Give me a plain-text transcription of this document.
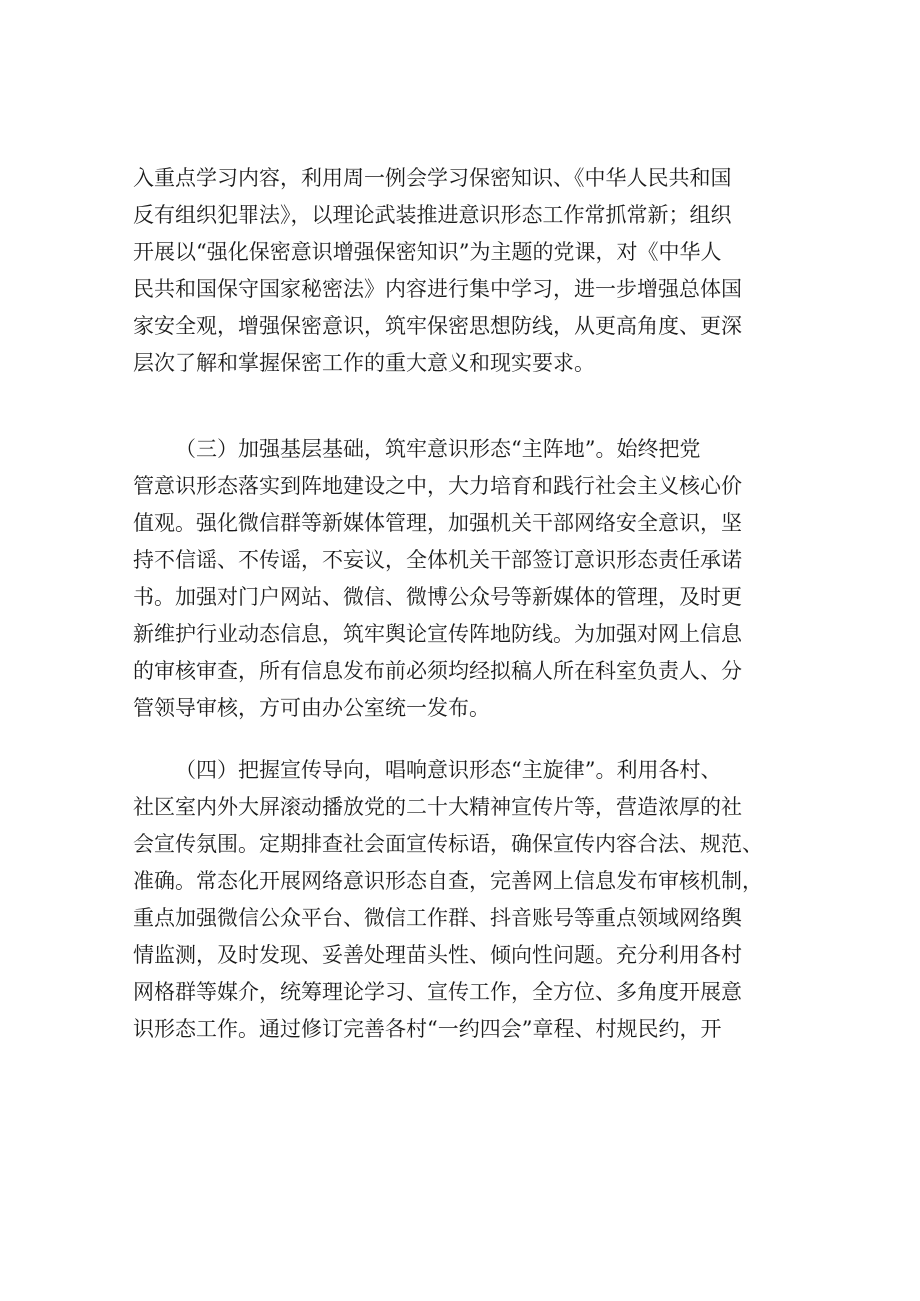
入重点学习内容，利用周一例会学习保密知识、《中华人民共和国
反有组织犯罪法》，以理论武装推进意识形态工作常抓常新；组织
开展以“强化保密意识增强保密知识”为主题的党课，对《中华人
民共和国保守国家秘密法》内容进行集中学习，进一步增强总体国
家安全观，增强保密意识，筑牢保密思想防线，从更高角度、更深
层次了解和掌握保密工作的重大意义和现实要求。
（三）加强基层基础，筑牢意识形态“主阵地”。始终把党
管意识形态落实到阵地建设之中，大力培育和践行社会主义核心价
值观。强化微信群等新媒体管理，加强机关干部网络安全意识，坚
持不信谣、不传谣，不妄议，全体机关干部签订意识形态责任承诺
书。加强对门户网站、微信、微博公众号等新媒体的管理，及时更
新维护行业动态信息，筑牢舆论宣传阵地防线。为加强对网上信息
的审核审查，所有信息发布前必须均经拟稿人所在科室负责人、分
管领导审核，方可由办公室统一发布。
（四）把握宣传导向，唱响意识形态“主旋律”。利用各村、
社区室内外大屏滚动播放党的二十大精神宣传片等，营造浓厚的社
会宣传氛围。定期排查社会面宣传标语，确保宣传内容合法、规范、
准确。常态化开展网络意识形态自查，完善网上信息发布审核机制，
重点加强微信公众平台、微信工作群、抖音账号等重点领域网络舆
情监测，及时发现、妥善处理苗头性、倾向性问题。充分利用各村
网格群等媒介，统筹理论学习、宣传工作，全方位、多角度开展意
识形态工作。通过修订完善各村“一约四会”章程、村规民约，开
